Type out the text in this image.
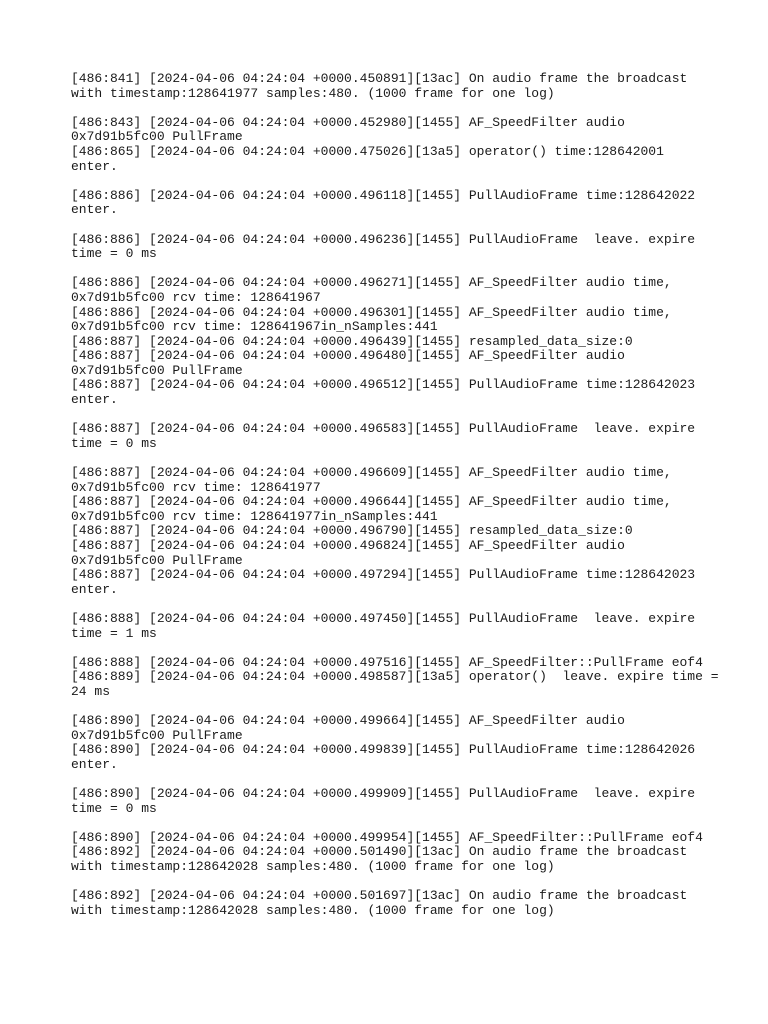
[486:841] [2024-04-06 04:24:04 +0000.450891][13ac] On audio frame the broadcast
with timestamp:128641977 samples:480. (1000 frame for one log)
[486:843] [2024-04-06 04:24:04 +0000.452980][1455] AF_SpeedFilter audio
0x7d91b5fc00 PullFrame
[486:865] [2024-04-06 04:24:04 +0000.475026][13a5] operator() time:128642001
enter.
[486:886] [2024-04-06 04:24:04 +0000.496118][1455] PullAudioFrame time:128642022
enter.
[486:886] [2024-04-06 04:24:04 +0000.496236][1455] PullAudioFrame  leave. expire
time = 0 ms
[486:886] [2024-04-06 04:24:04 +0000.496271][1455] AF_SpeedFilter audio time,
0x7d91b5fc00 rcv time: 128641967
[486:886] [2024-04-06 04:24:04 +0000.496301][1455] AF_SpeedFilter audio time,
0x7d91b5fc00 rcv time: 128641967in_nSamples:441
[486:887] [2024-04-06 04:24:04 +0000.496439][1455] resampled_data_size:0
[486:887] [2024-04-06 04:24:04 +0000.496480][1455] AF_SpeedFilter audio
0x7d91b5fc00 PullFrame
[486:887] [2024-04-06 04:24:04 +0000.496512][1455] PullAudioFrame time:128642023
enter.
[486:887] [2024-04-06 04:24:04 +0000.496583][1455] PullAudioFrame  leave. expire
time = 0 ms
[486:887] [2024-04-06 04:24:04 +0000.496609][1455] AF_SpeedFilter audio time,
0x7d91b5fc00 rcv time: 128641977
[486:887] [2024-04-06 04:24:04 +0000.496644][1455] AF_SpeedFilter audio time,
0x7d91b5fc00 rcv time: 128641977in_nSamples:441
[486:887] [2024-04-06 04:24:04 +0000.496790][1455] resampled_data_size:0
[486:887] [2024-04-06 04:24:04 +0000.496824][1455] AF_SpeedFilter audio
0x7d91b5fc00 PullFrame
[486:887] [2024-04-06 04:24:04 +0000.497294][1455] PullAudioFrame time:128642023
enter.
[486:888] [2024-04-06 04:24:04 +0000.497450][1455] PullAudioFrame  leave. expire
time = 1 ms
[486:888] [2024-04-06 04:24:04 +0000.497516][1455] AF_SpeedFilter::PullFrame eof4
[486:889] [2024-04-06 04:24:04 +0000.498587][13a5] operator()  leave. expire time =
24 ms
[486:890] [2024-04-06 04:24:04 +0000.499664][1455] AF_SpeedFilter audio
0x7d91b5fc00 PullFrame
[486:890] [2024-04-06 04:24:04 +0000.499839][1455] PullAudioFrame time:128642026
enter.
[486:890] [2024-04-06 04:24:04 +0000.499909][1455] PullAudioFrame  leave. expire
time = 0 ms
[486:890] [2024-04-06 04:24:04 +0000.499954][1455] AF_SpeedFilter::PullFrame eof4
[486:892] [2024-04-06 04:24:04 +0000.501490][13ac] On audio frame the broadcast
with timestamp:128642028 samples:480. (1000 frame for one log)
[486:892] [2024-04-06 04:24:04 +0000.501697][13ac] On audio frame the broadcast
with timestamp:128642028 samples:480. (1000 frame for one log)
